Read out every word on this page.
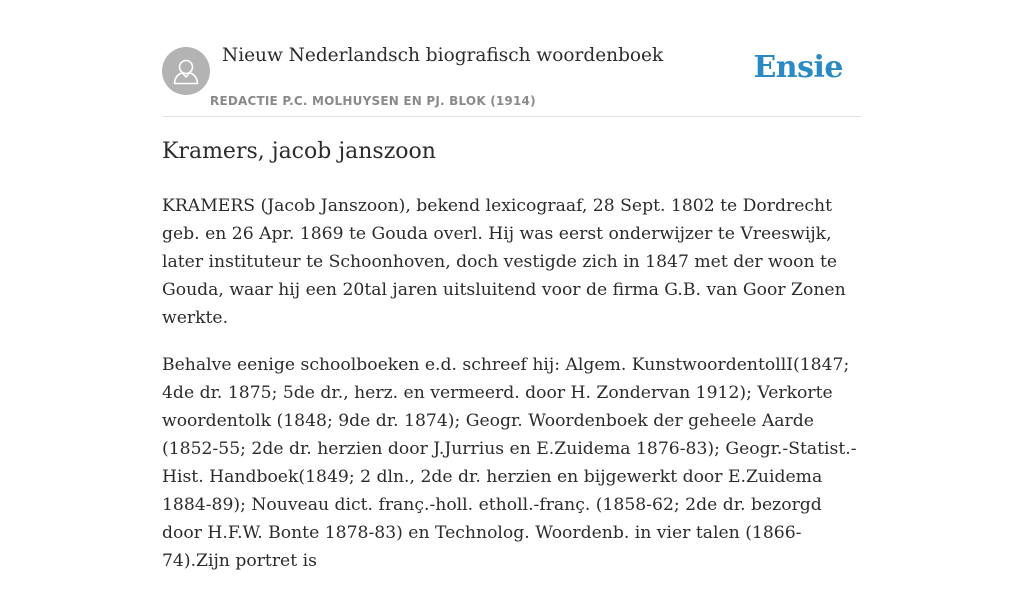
Nieuw Nederlandsch biografisch woordenboek
REDACTIE P.C. MOLHUYSEN EN PJ. BLOK (1914)
Ensie
Kramers, jacob janszoon

KRAMERS (Jacob Janszoon), bekend lexicograaf, 28 Sept. 1802 te Dordrecht geb. en 26 Apr. 1869 te Gouda overl. Hij was eerst onderwijzer te Vreeswijk, later instituteur te Schoonhoven, doch vestigde zich in 1847 met der woon te Gouda, waar hij een 20tal jaren uitsluitend voor de firma G.B. van Goor Zonen werkte.

Behalve eenige schoolboeken e.d. schreef hij: Algem. KunstwoordentollI(1847; 4de dr. 1875; 5de dr., herz. en vermeerd. door H. Zondervan 1912); Verkorte woordentolk (1848; 9de dr. 1874); Geogr. Woordenboek der geheele Aarde (1852-55; 2de dr. herzien door J.Jurrius en E.Zuidema 1876-83); Geogr.-Statist.-Hist. Handboek(1849; 2 dln., 2de dr. herzien en bijgewerkt door E.Zuidema 1884-89); Nouveau dict. franç.-holl. etholl.-franç. (1858-62; 2de dr. bezorgd door H.F.W. Bonte 1878-83) en Technolog. Woordenb. in vier talen (1866-74).Zijn portret is
